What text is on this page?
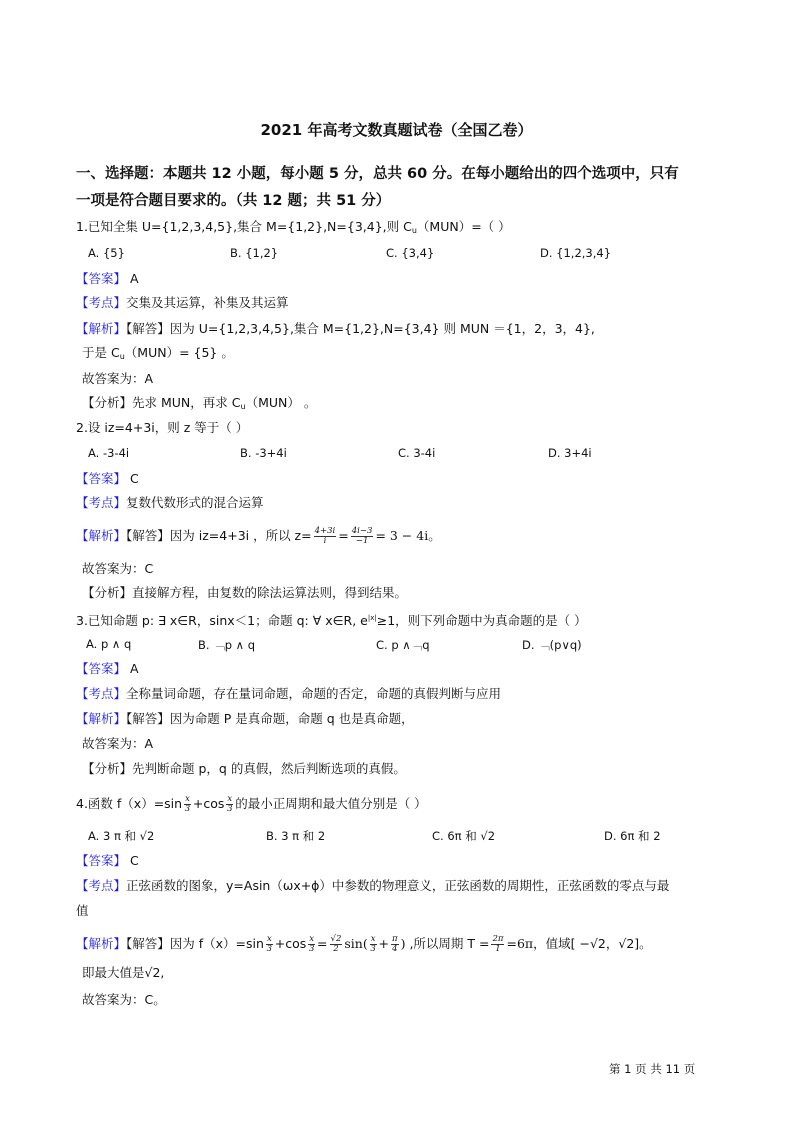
2021 年高考文数真题试卷（全国乙卷）
一、选择题：本题共 12 小题，每小题 5 分，总共 60 分。在每小题给出的四个选项中，只有
一项是符合题目要求的。（共 12 题；共 51 分）
1.已知全集 U={1,2,3,4,5},集合 M={1,2},N={3,4},则 $C_u(MUN)=$（ ）
A. {5}	B. {1,2}	C. {3,4}	D. {1,2,3,4}
【答案】 A
【考点】交集及其运算，补集及其运算
【解析】【解答】因为 U={1,2,3,4,5},集合 M={1,2},N={3,4} 则 MUN ＝{1，2，3，4},
于是 $C_u(MUN)= \{5\}$ 。
故答案为：A
【分析】先求 MUN，再求 $C_u(MUN)$ 。
2.设 iz=4+3i，则 z 等于（ ）
A. -3-4i	B. -3+4i	C. 3-4i	D. 3+4i
【答案】 C
【考点】复数代数形式的混合运算
【解析】【解答】因为 iz=4+3i ，所以 $z= \frac{4+3i}{i} = \frac{4i-3}{-1} = 3 - 4i$。
故答案为：C
【分析】直接解方程，由复数的除法运算法则，得到结果。
3.已知命题 p: ∃ x∈R，sinx＜1；命题 q: ∀ x∈R, $e^{|x|}\ge 1$，则下列命题中为真命题的是（ ）
A. p ∧ q	B. ﹁p ∧ q	C. p ∧﹁q	D. ﹁(p∨q)
【答案】 A
【考点】全称量词命题，存在量词命题，命题的否定，命题的真假判断与应用
【解析】【解答】因为命题 P 是真命题，命题 q 也是真命题，
故答案为：A
【分析】先判断命题 p，q 的真假，然后判断选项的真假。
4.函数 $f(x)=\sin \frac{x}{3} +\cos \frac{x}{3}$ 的最小正周期和最大值分别是（ ）
A. 3 π 和 √2	B. 3 π 和 2	C. 6π 和 √2	D. 6π 和 2
【答案】 C
【考点】正弦函数的图象，y=Asin（ωx+ϕ）中参数的物理意义，正弦函数的周期性，正弦函数的零点与最
值
【解析】【解答】因为 $f(x)=\sin \frac{x}{3} +\cos \frac{x}{3} = \frac{√2}{2} \sin( \frac{x}{3} + \frac{\pi}{4}$ ) ,所以周期 $T = \frac{2\pi}{1} =6\pi$，值域[ −√2，√2]。
即最大值是√2,
故答案为：C。
第 1 页 共 11 页
